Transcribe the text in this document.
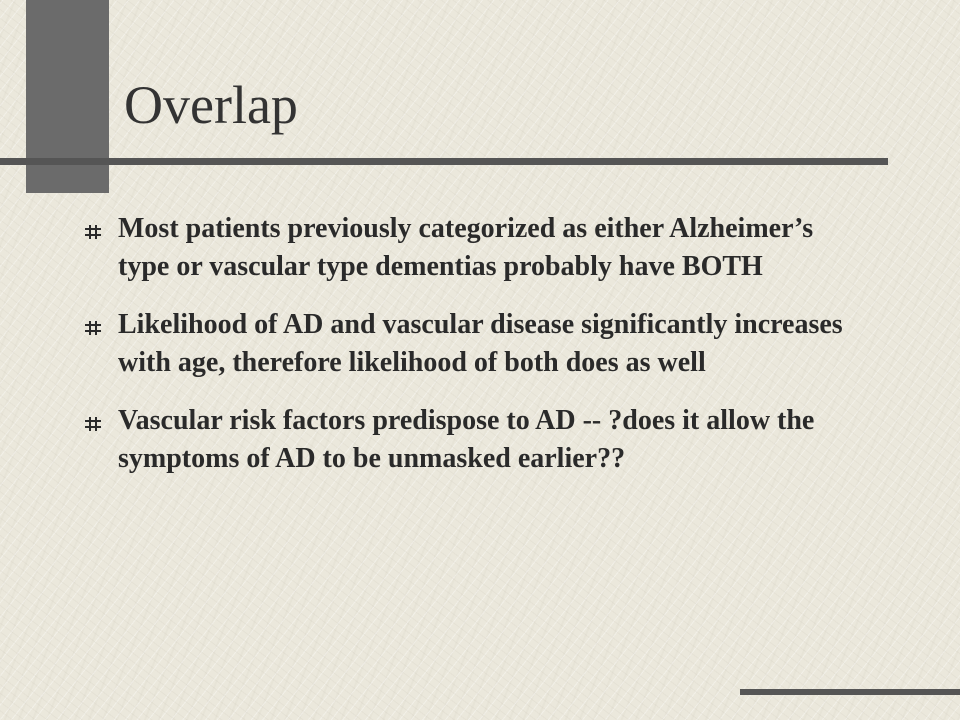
Overlap
Most patients previously categorized as either Alzheimer’s type or vascular type dementias probably have BOTH
Likelihood of AD and vascular disease significantly increases with age, therefore likelihood of both does as well
Vascular risk factors predispose to AD -- ?does it allow the symptoms of AD to be unmasked earlier??
